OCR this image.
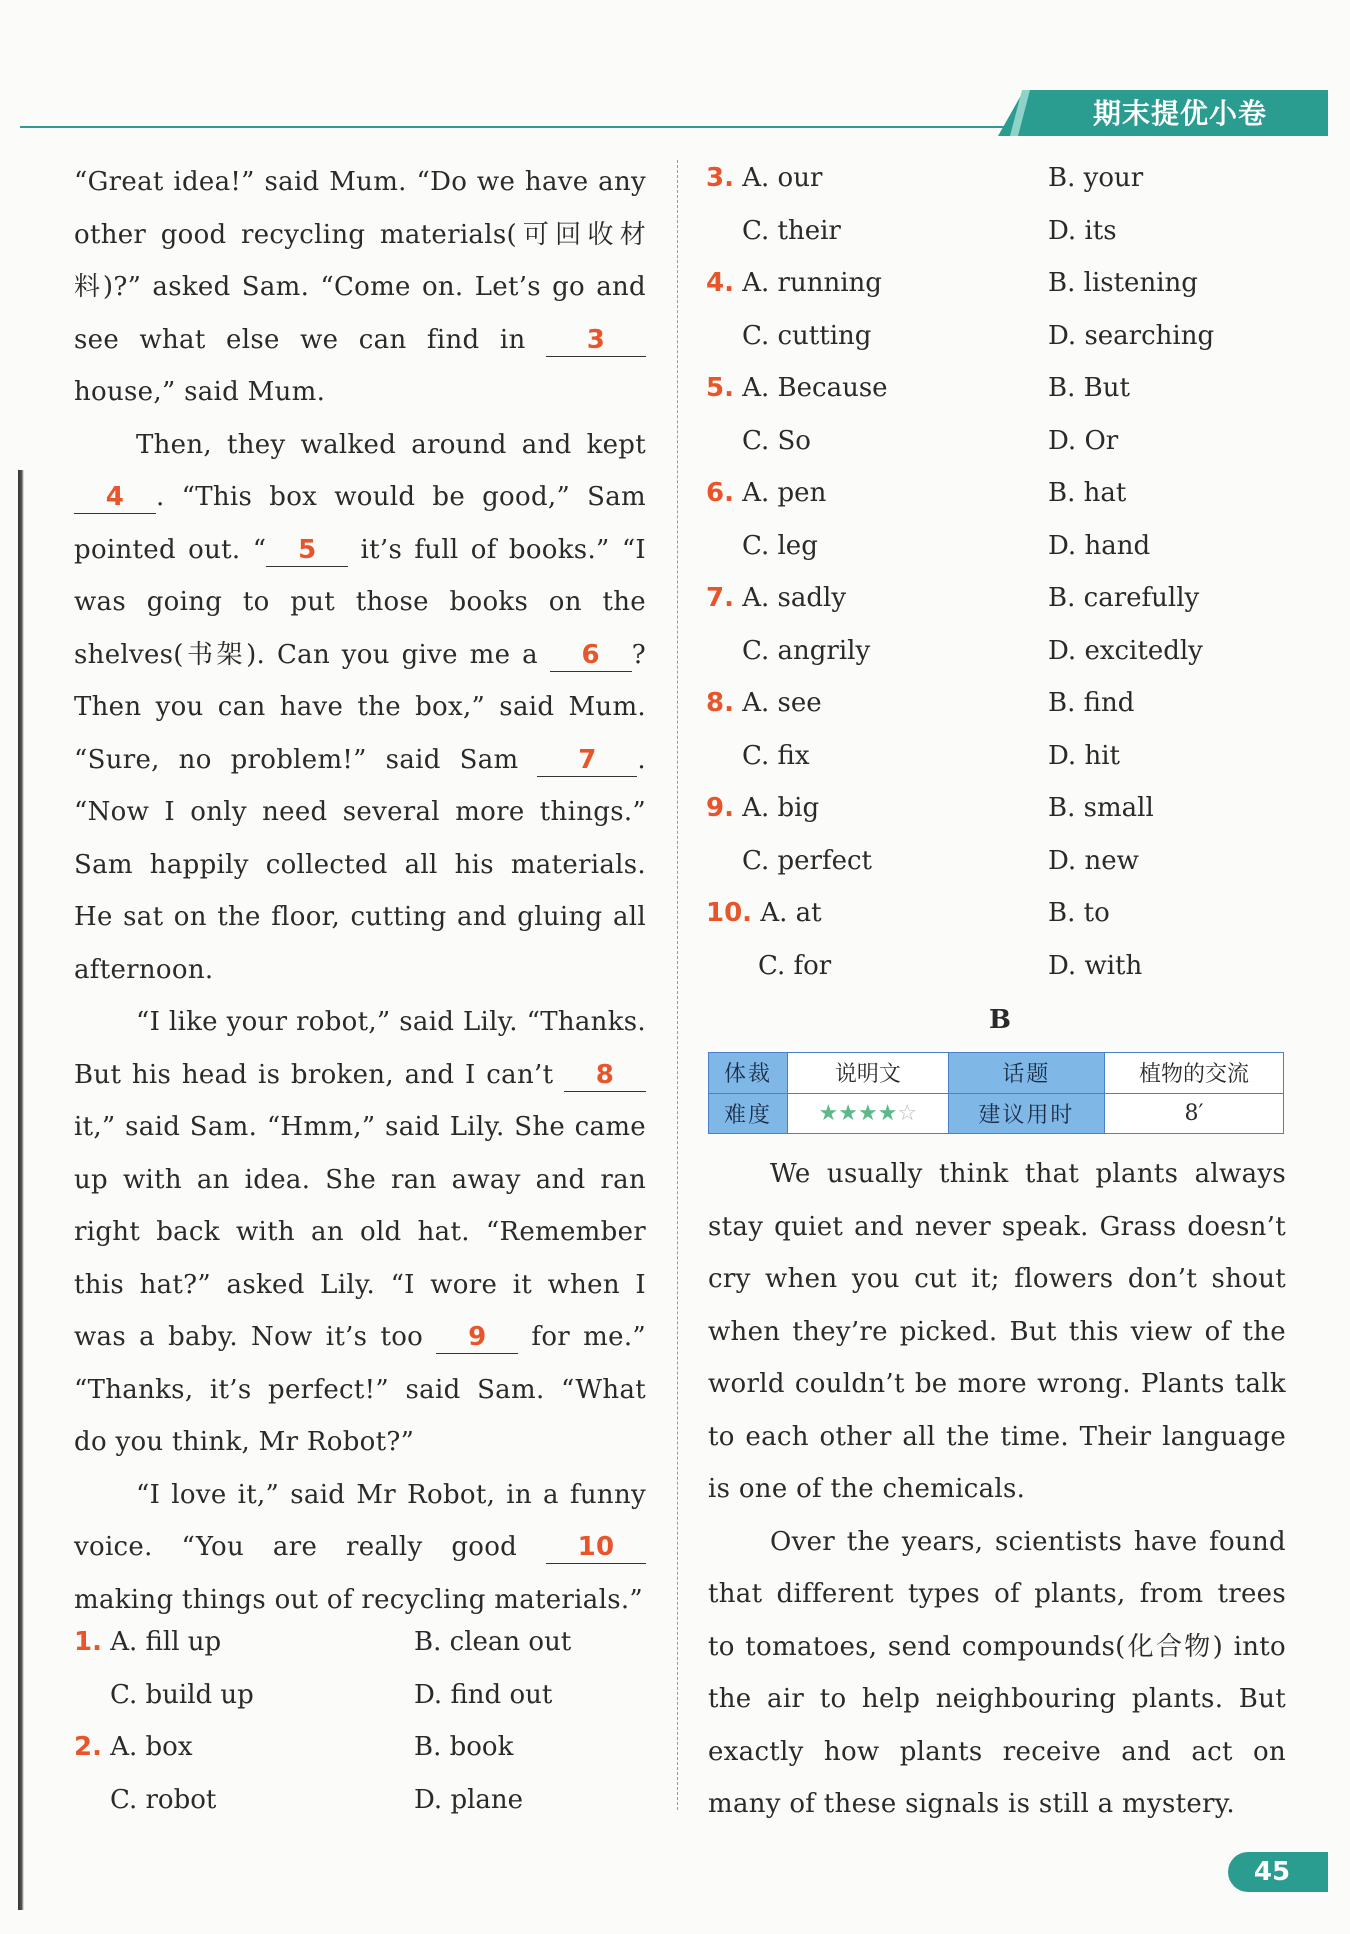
期末提优小卷

“Great idea!” said Mum. “Do we have any other good recycling materials(可回收材料)?” asked Sam. “Come on. Let’s go and see what else we can find in 3 house,” said Mum.

Then, they walked around and kept 4 . “This box would be good,” Sam pointed out. “ 5 it’s full of books.” “I was going to put those books on the shelves(书架). Can you give me a 6 ? Then you can have the box,” said Mum. “Sure, no problem!” said Sam 7 . “Now I only need several more things.” Sam happily collected all his materials. He sat on the floor, cutting and gluing all afternoon.

“I like your robot,” said Lily. “Thanks. But his head is broken, and I can’t 8 it,” said Sam. “Hmm,” said Lily. She came up with an idea. She ran away and ran right back with an old hat. “Remember this hat?” asked Lily. “I wore it when I was a baby. Now it’s too 9 for me.” “Thanks, it’s perfect!” said Sam. “What do you think, Mr Robot?”

“I love it,” said Mr Robot, in a funny voice. “You are really good 10 making things out of recycling materials.”

1. A. fill up	B. clean out
C. build up	D. find out
2. A. box	B. book
C. robot	D. plane
3. A. our	B. your
C. their	D. its
4. A. running	B. listening
C. cutting	D. searching
5. A. Because	B. But
C. So	D. Or
6. A. pen	B. hat
C. leg	D. hand
7. A. sadly	B. carefully
C. angrily	D. excitedly
8. A. see	B. find
C. fix	D. hit
9. A. big	B. small
C. perfect	D. new
10. A. at	B. to
C. for	D. with
B
体裁	说明文	话题	植物的交流
难度	★★★★☆	建议用时	8′

We usually think that plants always stay quiet and never speak. Grass doesn’t cry when you cut it; flowers don’t shout when they’re picked. But this view of the world couldn’t be more wrong. Plants talk to each other all the time. Their language is one of the chemicals.

Over the years, scientists have found that different types of plants, from trees to tomatoes, send compounds(化合物) into the air to help neighbouring plants. But exactly how plants receive and act on many of these signals is still a mystery.

45
